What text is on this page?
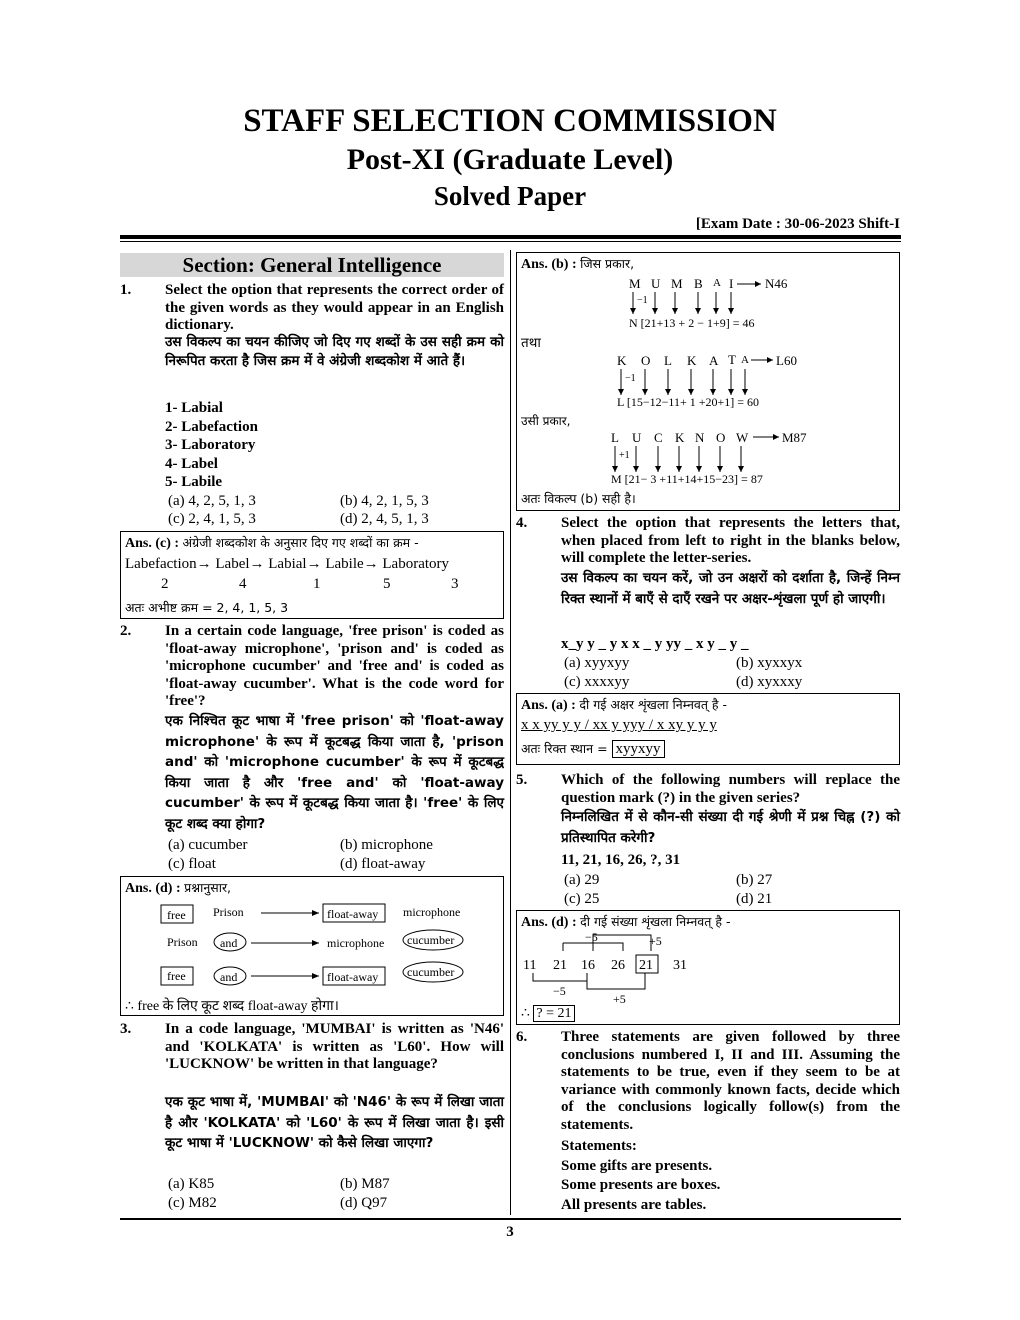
STAFF SELECTION COMMISSION
Post-XI (Graduate Level)
Solved Paper
[Exam Date : 30-06-2023 Shift-I
Section: General Intelligence
1. Select the option that represents the correct order of the given words as they would appear in an English dictionary.
उस विकल्प का चयन कीजिए जो दिए गए शब्दों के उस सही क्रम को निरूपित करता है जिस क्रम में वे अंग्रेजी शब्दकोश में आते हैं।
1- Labial
2- Labefaction
3- Laboratory
4- Label
5- Labile
(a) 4, 2, 5, 1, 3	(b) 4, 2, 1, 5, 3
(c) 2, 4, 1, 5, 3	(d) 2, 4, 5, 1, 3
Ans. (c) : अंग्रेजी शब्दकोश के अनुसार दिए गए शब्दों का क्रम -
Labefaction→ Label→ Labial→ Labile→ Laboratory
2	4	1	5	3
अतः अभीष्ट क्रम = 2, 4, 1, 5, 3
2. In a certain code language, 'free prison' is coded as 'float-away microphone', 'prison and' is coded as 'microphone cucumber' and 'free and' is coded as 'float-away cucumber'. What is the code word for 'free'?
एक निश्चित कूट भाषा में 'free prison' को 'float-away microphone' के रूप में कूटबद्ध किया जाता है, 'prison and' को 'microphone cucumber' के रूप में कूटबद्ध किया जाता है और 'free and' को 'float-away cucumber' के रूप में कूटबद्ध किया जाता है। 'free' के लिए कूट शब्द क्या होगा?
(a) cucumber	(b) microphone
(c) float	(d) float-away
Ans. (d) : प्रश्नानुसार,
free Prison	float-away microphone
Prison and	microphone cucumber
free	and	float-away cucumber
∴ free के लिए कूट शब्द float-away होगा।
3. In a code language, 'MUMBAI' is written as 'N46' and 'KOLKATA' is written as 'L60'. How will 'LUCKNOW' be written in that language?
एक कूट भाषा में, 'MUMBAI' को 'N46' के रूप में लिखा जाता है और 'KOLKATA' को 'L60' के रूप में लिखा जाता है। इसी कूट भाषा में 'LUCKNOW' को कैसे लिखा जाएगा?
(a) K85	(b) M87
(c) M82	(d) Q97
Ans. (b) : जिस प्रकार,
M U M B A I N46
−1
N [21+13 + 2 − 1+9] = 46
तथा
K O L K A T A L60
−1
L [15−12−11+ 1 +20+1] = 60
उसी प्रकार,
L U C K N O W	M87
+1
M [21− 3 +11+14+15−23] = 87
अतः विकल्प (b) सही है।
4. Select the option that represents the letters that, when placed from left to right in the blanks below, will complete the letter-series.
उस विकल्प का चयन करें, जो उन अक्षरों को दर्शाता है, जिन्हें निम्न रिक्त स्थानों में बाएँ से दाएँ रखने पर अक्षर-शृंखला पूर्ण हो जाएगी।
x_y y _ y x x _ y yy _ x y _ y _
(a) xyyxyy	(b) xyxxyx
(c) xxxxyy	(d) xyxxxy
Ans. (a) : दी गई अक्षर शृंखला निम्नवत् है -
x x yy y y / xx y yyy / x xy y y y
अतः रिक्त स्थान = xyyxyy
5. Which of the following numbers will replace the question mark (?) in the given series?
निम्नलिखित में से कौन-सी संख्या दी गई श्रेणी में प्रश्न चिह्न (?) को प्रतिस्थापित करेगी?
11, 21, 16, 26, ?, 31
(a) 29	(b) 27
(c) 25	(d) 21
Ans. (d) : दी गई संख्या शृंखला निम्नवत् है -
−5	+5
11 21 16 26 21 31
−5
+5
∴ ? = 21
6. Three statements are given followed by three conclusions numbered I, II and III. Assuming the statements to be true, even if they seem to be at variance with commonly known facts, decide which of the conclusions logically follow(s) from the statements.
Statements:
Some gifts are presents.
Some presents are boxes.
All presents are tables.
3
